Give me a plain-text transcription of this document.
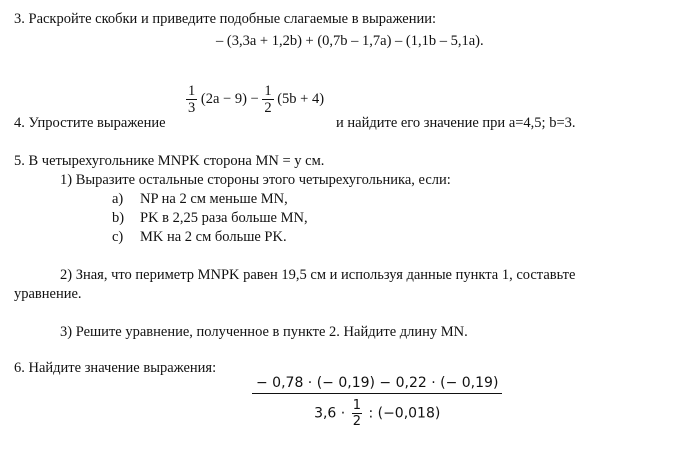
3. Раскройте скобки и приведите подобные слагаемые в выражении:
– (3,3a + 1,2b) + (0,7b – 1,7a) – (1,1b – 5,1a).
4. Упростите выражение
$\frac{1}{3} (2a - 9) - \frac{1}{2} (5b + 4)$
и найдите его значение при а=4,5; b=3.
5. В четырехугольнике MNPK сторона MN = y см.
1) Выразите остальные стороны этого четырехугольника, если:
a) NP на 2 см меньше MN,
b) PK в 2,25 раза больше MN,
c) MK на 2 см больше PK.
2) Зная, что периметр MNPK равен 19,5 см и используя данные пункта 1, составьте
уравнение.
3) Решите уравнение, полученное в пункте 2. Найдите длину MN.
6. Найдите значение выражения:
$\frac{- 0,78 \cdot (- 0,19) - 0,22 \cdot (- 0,19)}{3,6 \cdot \frac{1}{2} : (-0,018)}$
